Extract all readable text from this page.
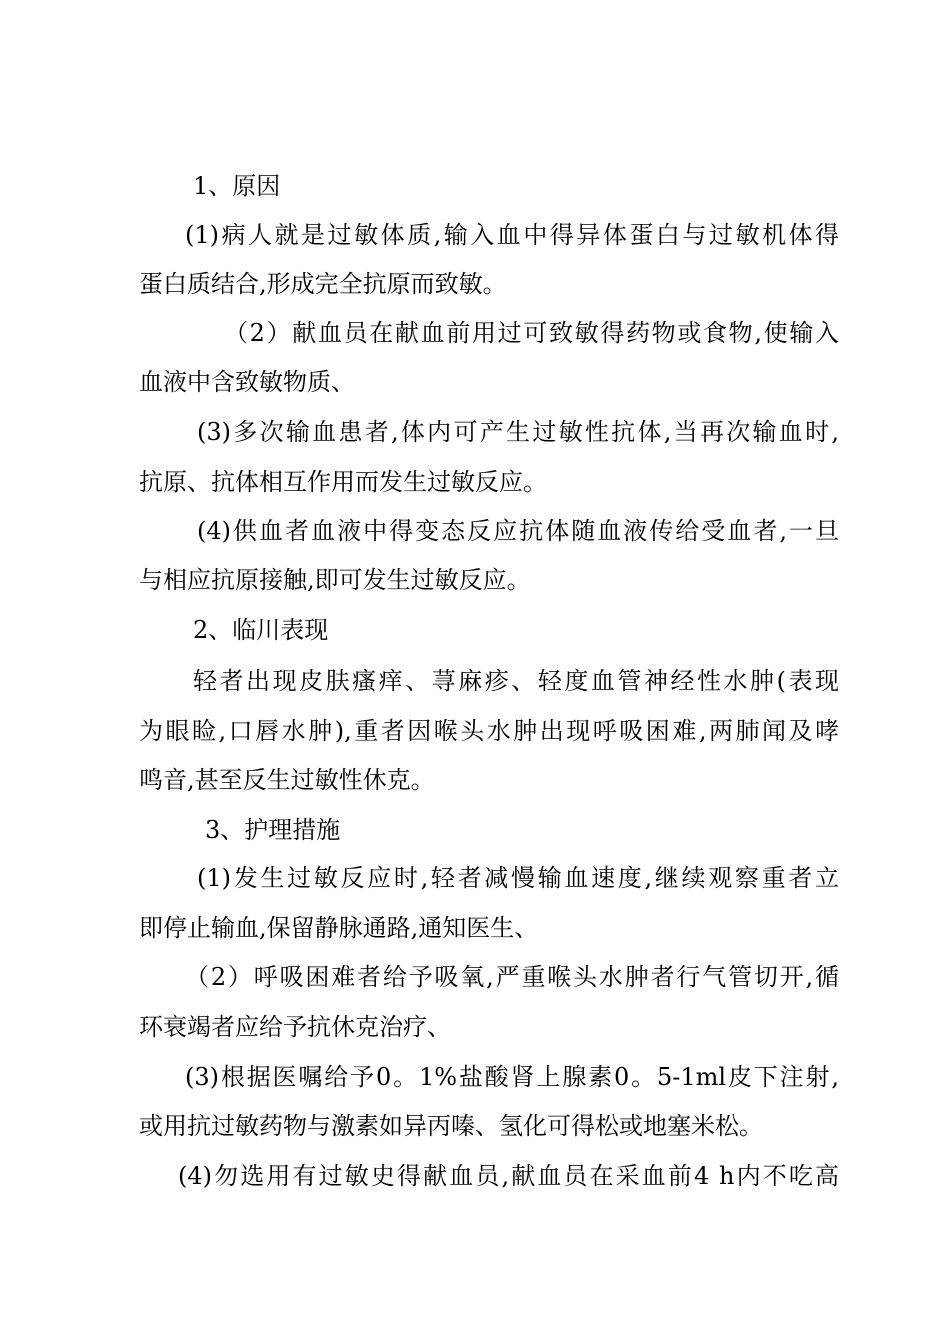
1、原因
(1)病人就是过敏体质,输入血中得异体蛋白与过敏机体得
蛋白质结合,形成完全抗原而致敏。
（2）献血员在献血前用过可致敏得药物或食物,使输入
血液中含致敏物质、
(3)多次输血患者,体内可产生过敏性抗体,当再次输血时,
抗原、抗体相互作用而发生过敏反应。
(4)供血者血液中得变态反应抗体随血液传给受血者,一旦
与相应抗原接触,即可发生过敏反应。
2、临川表现
轻者出现皮肤瘙痒、荨麻疹、轻度血管神经性水肿(表现
为眼睑,口唇水肿),重者因喉头水肿出现呼吸困难,两肺闻及哮
鸣音,甚至反生过敏性休克。
3、护理措施
(1)发生过敏反应时,轻者减慢输血速度,继续观察重者立
即停止输血,保留静脉通路,通知医生、
（2）呼吸困难者给予吸氧,严重喉头水肿者行气管切开,循
环衰竭者应给予抗休克治疗、
(3)根据医嘱给予0。1%盐酸肾上腺素0。5-1ml皮下注射,
或用抗过敏药物与激素如异丙嗪、氢化可得松或地塞米松。
(4)勿选用有过敏史得献血员,献血员在采血前4 h内不吃高
